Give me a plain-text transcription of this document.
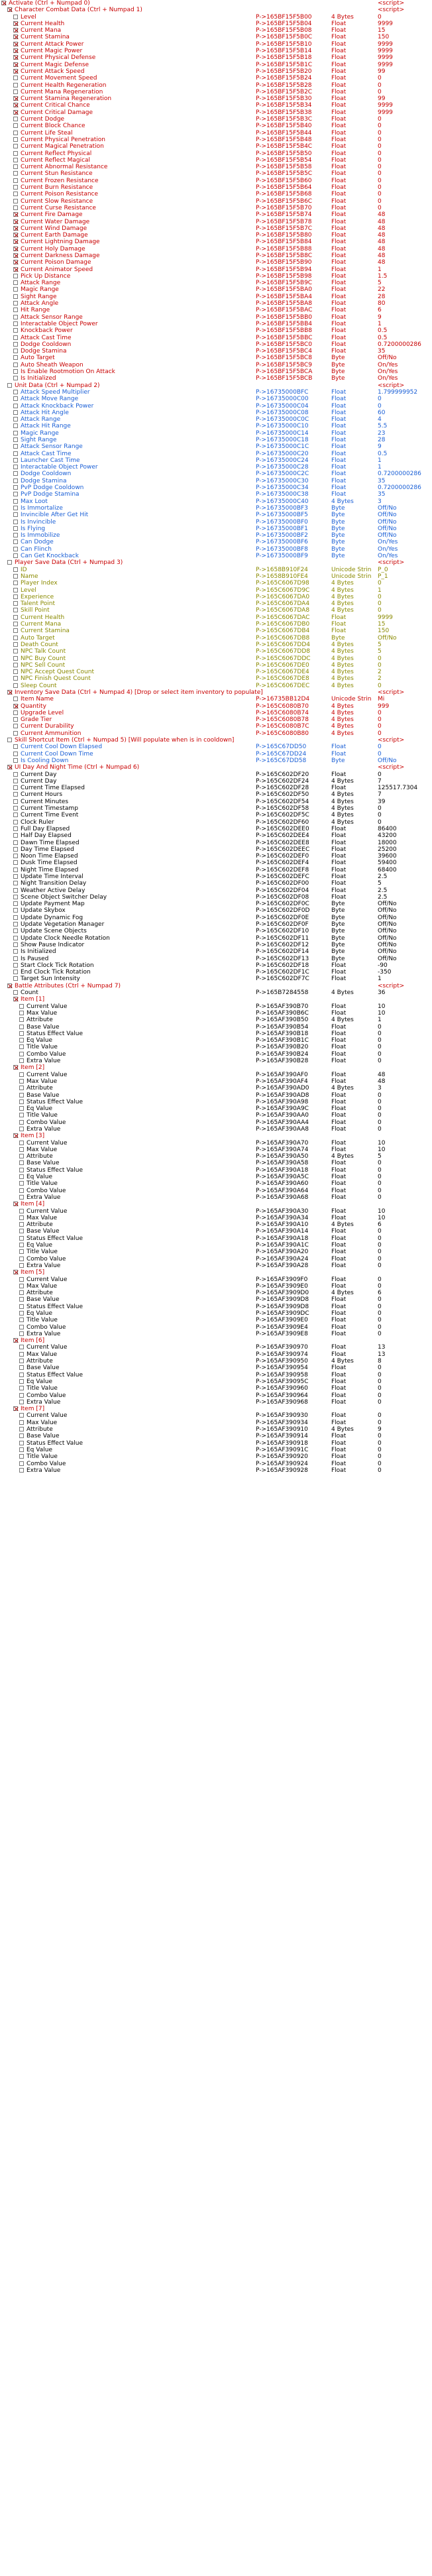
Activate (Ctrl + Numpad 0)	<script>
Character Combat Data (Ctrl + Numpad 1)	<script>
Level	P->165BF15F5B00	4 Bytes	0
Current Health	P->165BF15F5B04	Float	9999
Current Mana	P->165BF15F5B08	Float	15
Current Stamina	P->165BF15F5B0C	Float	150
Current Attack Power	P->165BF15F5B10	Float	9999
Current Magic Power	P->165BF15F5B14	Float	9999
Current Physical Defense	P->165BF15F5B18	Float	9999
Current Magic Defense	P->165BF15F5B1C	Float	9999
Current Attack Speed	P->165BF15F5B20	Float	99
Current Movement Speed	P->165BF15F5B24	Float	0
Current Health Regeneration	P->165BF15F5B28	Float	0
Current Mana Regeneration	P->165BF15F5B2C	Float	0
Current Stamina Regeneration	P->165BF15F5B30	Float	99
Current Critical Chance	P->165BF15F5B34	Float	9999
Current Critical Damage	P->165BF15F5B38	Float	9999
Current Dodge	P->165BF15F5B3C	Float	0
Current Block Chance	P->165BF15F5B40	Float	0
Current Life Steal	P->165BF15F5B44	Float	0
Current Physical Penetration	P->165BF15F5B48	Float	0
Current Magical Penetration	P->165BF15F5B4C	Float	0
Current Reflect Physical	P->165BF15F5B50	Float	0
Current Reflect Magical	P->165BF15F5B54	Float	0
Current Abnormal Resistance	P->165BF15F5B58	Float	0
Current Stun Resistance	P->165BF15F5B5C	Float	0
Current Frozen Resistance	P->165BF15F5B60	Float	0
Current Burn Resistance	P->165BF15F5B64	Float	0
Current Poison Resistance	P->165BF15F5B68	Float	0
Current Slow Resistance	P->165BF15F5B6C	Float	0
Current Curse Resistance	P->165BF15F5B70	Float	0
Current Fire Damage	P->165BF15F5B74	Float	48
Current Water Damage	P->165BF15F5B78	Float	48
Current Wind Damage	P->165BF15F5B7C	Float	48
Current Earth Damage	P->165BF15F5B80	Float	48
Current Lightning Damage	P->165BF15F5B84	Float	48
Current Holy Damage	P->165BF15F5B88	Float	48
Current Darkness Damage	P->165BF15F5B8C	Float	48
Current Poison Damage	P->165BF15F5B90	Float	48
Current Animator Speed	P->165BF15F5B94	Float	1
Pick Up Distance	P->165BF15F5B98	Float	1.5
Attack Range	P->165BF15F5B9C	Float	5
Magic Range	P->165BF15F5BA0	Float	22
Sight Range	P->165BF15F5BA4	Float	28
Attack Angle	P->165BF15F5BA8	Float	80
Hit Range	P->165BF15F5BAC	Float	6
Attack Sensor Range	P->165BF15F5BB0	Float	9
Interactable Object Power	P->165BF15F5BB4	Float	1
Knockback Power	P->165BF15F5BB8	Float	0.5
Attack Cast Time	P->165BF15F5BBC	Float	0.5
Dodge Cooldown	P->165BF15F5BC0	Float	0.7200000286
Dodge Stamina	P->165BF15F5BC4	Float	35
Auto Target	P->165BF15F5BC8	Byte	Off/No
Auto Sheath Weapon	P->165BF15F5BC9	Byte	On/Yes
Is Enable Rootmotion On Attack	P->165BF15F5BCA	Byte	On/Yes
Is Initialized	P->165BF15F5BCB	Byte	On/Yes
Unit Data (Ctrl + Numpad 2)	<script>
Attack Speed Multiplier	P->16735000BFC	Float	1.799999952
Attack Move Range	P->16735000C00	Float	0
Attack Knockback Power	P->16735000C04	Float	0
Attack Hit Angle	P->16735000C08	Float	60
Attack Range	P->16735000C0C	Float	4
Attack Hit Range	P->16735000C10	Float	5.5
Magic Range	P->16735000C14	Float	23
Sight Range	P->16735000C18	Float	28
Attack Sensor Range	P->16735000C1C	Float	9
Attack Cast Time	P->16735000C20	Float	0.5
Launcher Cast Time	P->16735000C24	Float	1
Interactable Object Power	P->16735000C28	Float	1
Dodge Cooldown	P->16735000C2C	Float	0.7200000286
Dodge Stamina	P->16735000C30	Float	35
PvP Dodge Cooldown	P->16735000C34	Float	0.7200000286
PvP Dodge Stamina	P->16735000C38	Float	35
Max Loot	P->16735000C40	4 Bytes	3
Is Immortalize	P->16735000BF3	Byte	Off/No
Invincible After Get Hit	P->16735000BF5	Byte	Off/No
Is Invincible	P->16735000BF0	Byte	Off/No
Is Flying	P->16735000BF1	Byte	Off/No
Is Immobilize	P->16735000BF2	Byte	Off/No
Can Dodge	P->16735000BF6	Byte	On/Yes
Can Flinch	P->16735000BF8	Byte	On/Yes
Can Get Knockback	P->16735000BF9	Byte	On/Yes
Player Save Data (Ctrl + Numpad 3)	<script>
ID	P->1658B910F24	Unicode Strin	P_0
Name	P->1658B910FE4	Unicode Strin	P_1
Player Index	P->165C6067D98	4 Bytes	0
Level	P->165C6067D9C	4 Bytes	1
Experience	P->165C6067DA0	4 Bytes	0
Talent Point	P->165C6067DA4	4 Bytes	0
Skill Point	P->165C6067DA8	4 Bytes	0
Current Health	P->165C6067DAC	Float	9999
Current Mana	P->165C6067DB0	Float	15
Current Stamina	P->165C6067DB4	Float	150
Auto Target	P->165C6067DB8	Byte	Off/No
Death Count	P->165C6067DD4	4 Bytes	5
NPC Talk Count	P->165C6067DD8	4 Bytes	5
NPC Buy Count	P->165C6067DDC	4 Bytes	0
NPC Sell Count	P->165C6067DE0	4 Bytes	0
NPC Accept Quest Count	P->165C6067DE4	4 Bytes	2
NPC Finish Quest Count	P->165C6067DE8	4 Bytes	2
Sleep Count	P->165C6067DEC	4 Bytes	0
Inventory Save Data (Ctrl + Numpad 4) [Drop or select item inventory to populate]	<script>
Item Name	P->16735BB12D4	Unicode Strin	Mi
Quantity	P->165C6080B70	4 Bytes	999
Upgrade Level	P->165C6080B74	4 Bytes	0
Grade Tier	P->165C6080B78	4 Bytes	0
Current Durability	P->165C6080B7C	4 Bytes	0
Current Ammunition	P->165C6080B80	4 Bytes	0
Skill Shortcut Item (Ctrl + Numpad 5) [Will populate when is in cooldown]	<script>
Current Cool Down Elapsed	P->165C67DD50	Float	0
Current Cool Down Time	P->165C67DD24	Float	0
Is Cooling Down	P->165C67DD58	Byte	Off/No
UI Day And Night Time (Ctrl + Numpad 6)	<script>
Current Day	P->165C602DF20	Float	0
Current Day	P->165C602DF24	4 Bytes	7
Current Time Elapsed	P->165C602DF28	Float	125517.7304
Current Hours	P->165C602DF50	4 Bytes	7
Current Minutes	P->165C602DF54	4 Bytes	39
Current Timestamp	P->165C602DF58	4 Bytes	0
Current Time Event	P->165C602DF5C	4 Bytes	0
Clock Ruler	P->165C602DF60	4 Bytes	0
Full Day Elapsed	P->165C602DEE0	Float	86400
Half Day Elapsed	P->165C602DEE4	Float	43200
Dawn Time Elapsed	P->165C602DEE8	Float	18000
Day Time Elapsed	P->165C602DEEC	Float	25200
Noon Time Elapsed	P->165C602DEF0	Float	39600
Dusk Time Elapsed	P->165C602DEF4	Float	59400
Night Time Elapsed	P->165C602DEF8	Float	68400
Update Time Interval	P->165C602DEFC	Float	2.5
Night Transition Delay	P->165C602DF00	Float	5
Weather Active Delay	P->165C602DF04	Float	2.5
Scene Object Switcher Delay	P->165C602DF08	Float	2.5
Update Payment Map	P->165C602DF0C	Byte	Off/No
Update Skybox	P->165C602DF0D	Byte	Off/No
Update Dynamic Fog	P->165C602DF0E	Byte	Off/No
Update Vegetation Manager	P->165C602DF0F	Byte	Off/No
Update Scene Objects	P->165C602DF10	Byte	Off/No
Update Clock Needle Rotation	P->165C602DF11	Byte	Off/No
Show Pause Indicator	P->165C602DF12	Byte	Off/No
Is Initialized	P->165C602DF14	Byte	Off/No
Is Paused	P->165C602DF13	Byte	Off/No
Start Clock Tick Rotation	P->165C602DF18	Float	-90
End Clock Tick Rotation	P->165C602DF1C	Float	-350
Target Sun Intensity	P->165C602DF7C	Float	1
Battle Attributes (Ctrl + Numpad 7)	<script>
Count	P->165B7284558	4 Bytes	36
Item [1]
Current Value	P->165AF390B70	Float	10
Max Value	P->165AF390B6C	Float	10
Attribute	P->165AF390B50	4 Bytes	1
Base Value	P->165AF390B54	Float	0
Status Effect Value	P->165AF390B18	Float	0
Eq Value	P->165AF390B1C	Float	0
Title Value	P->165AF390B20	Float	0
Combo Value	P->165AF390B24	Float	0
Extra Value	P->165AF390B28	Float	0
Item [2]
Current Value	P->165AF390AF0	Float	48
Max Value	P->165AF390AF4	Float	48
Attribute	P->165AF390AD0	4 Bytes	3
Base Value	P->165AF390AD8	Float	0
Status Effect Value	P->165AF390A98	Float	0
Eq Value	P->165AF390A9C	Float	0
Title Value	P->165AF390AA0	Float	0
Combo Value	P->165AF390AA4	Float	0
Extra Value	P->165AF390AA8	Float	0
Item [3]
Current Value	P->165AF390A70	Float	10
Max Value	P->165AF390A74	Float	10
Attribute	P->165AF390A50	4 Bytes	5
Base Value	P->165AF390A58	Float	0
Status Effect Value	P->165AF390A18	Float	0
Eq Value	P->165AF390A5C	Float	0
Title Value	P->165AF390A60	Float	0
Combo Value	P->165AF390A64	Float	0
Extra Value	P->165AF390A68	Float	0
Item [4]
Current Value	P->165AF390A30	Float	10
Max Value	P->165AF390A34	Float	10
Attribute	P->165AF390A10	4 Bytes	6
Base Value	P->165AF390A14	Float	0
Status Effect Value	P->165AF390A18	Float	0
Eq Value	P->165AF390A1C	Float	0
Title Value	P->165AF390A20	Float	0
Combo Value	P->165AF390A24	Float	0
Extra Value	P->165AF390A28	Float	0
Item [5]
Current Value	P->165AF3909F0	Float	0
Max Value	P->165AF3909E0	Float	0
Attribute	P->165AF3909D0	4 Bytes	6
Base Value	P->165AF3909D8	Float	0
Status Effect Value	P->165AF3909D8	Float	0
Eq Value	P->165AF3909DC	Float	0
Title Value	P->165AF3909E0	Float	0
Combo Value	P->165AF3909E4	Float	0
Extra Value	P->165AF3909E8	Float	0
Item [6]
Current Value	P->165AF390970	Float	13
Max Value	P->165AF390974	Float	13
Attribute	P->165AF390950	4 Bytes	8
Base Value	P->165AF390954	Float	0
Status Effect Value	P->165AF390958	Float	0
Eq Value	P->165AF39095C	Float	0
Title Value	P->165AF390960	Float	0
Combo Value	P->165AF390964	Float	0
Extra Value	P->165AF390968	Float	0
Item [7]
Current Value	P->165AF390930	Float	0
Max Value	P->165AF390934	Float	0
Attribute	P->165AF390910	4 Bytes	9
Base Value	P->165AF390914	Float	0
Status Effect Value	P->165AF390918	Float	0
Eq Value	P->165AF39091C	Float	0
Title Value	P->165AF390920	Float	0
Combo Value	P->165AF390924	Float	0
Extra Value	P->165AF390928	Float	0
